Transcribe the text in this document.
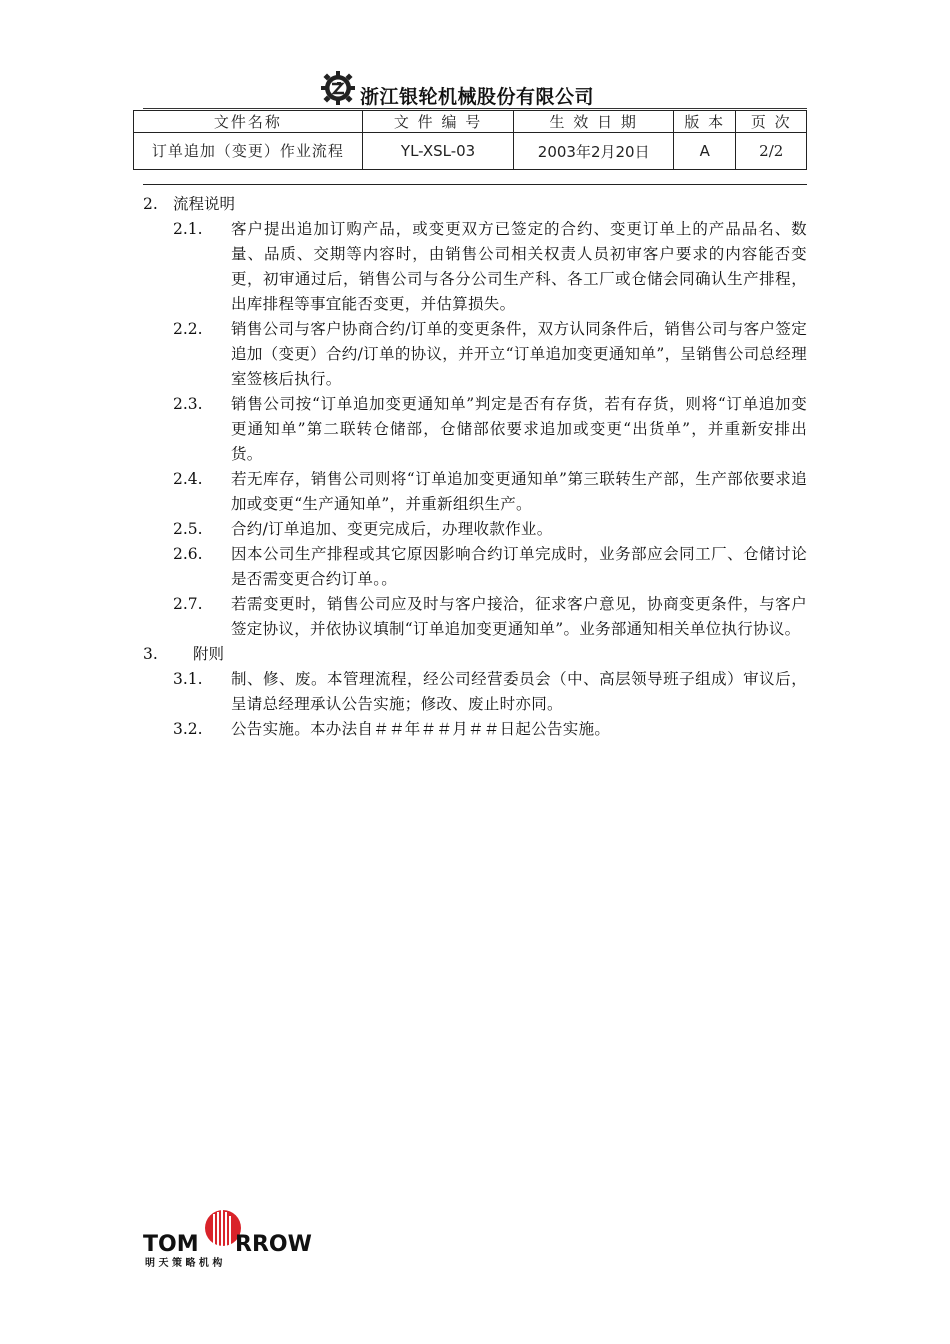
浙江银轮机械股份有限公司
文件名称	文 件 编 号	生 效 日 期	版 本	页 次
订单追加（变更）作业流程	YL-XSL-03	2003年2月20日	A	2/2
2. 流程说明
2.1. 客户提出追加订购产品，或变更双方已签定的合约、变更订单上的产品品名、数量、品质、交期等内容时，由销售公司相关权责人员初审客户要求的内容能否变更，初审通过后，销售公司与各分公司生产科、各工厂或仓储会同确认生产排程， 出库排程等事宜能否变更，并估算损失。
2.2. 销售公司与客户协商合约/订单的变更条件，双方认同条件后，销售公司与客户签定追加（变更）合约/订单的协议，并开立“订单追加变更通知单”，呈销售公司总经理室签核后执行。
2.3. 销售公司按“订单追加变更通知单”判定是否有存货，若有存货，则将“订单追加变更通知单”第二联转仓储部，仓储部依要求追加或变更“出货单”，并重新安排出货。
2.4. 若无库存，销售公司则将“订单追加变更通知单”第三联转生产部，生产部依要求追加或变更“生产通知单”，并重新组织生产。
2.5. 合约/订单追加、变更完成后，办理收款作业。
2.6. 因本公司生产排程或其它原因影响合约订单完成时，业务部应会同工厂、仓储讨论是否需变更合约订单。。
2.7. 若需变更时，销售公司应及时与客户接洽，征求客户意见，协商变更条件，与客户签定协议，并依协议填制“订单追加变更通知单”。业务部通知相关单位执行协议。
3. 附则
3.1. 制、修、废。本管理流程，经公司经营委员会（中、高层领导班子组成）审议后，呈请总经理承认公告实施；修改、废止时亦同。
3.2. 公告实施。本办法自＃＃年＃＃月＃＃日起公告实施。
TOM RROW
明 天 策 略 机 构
